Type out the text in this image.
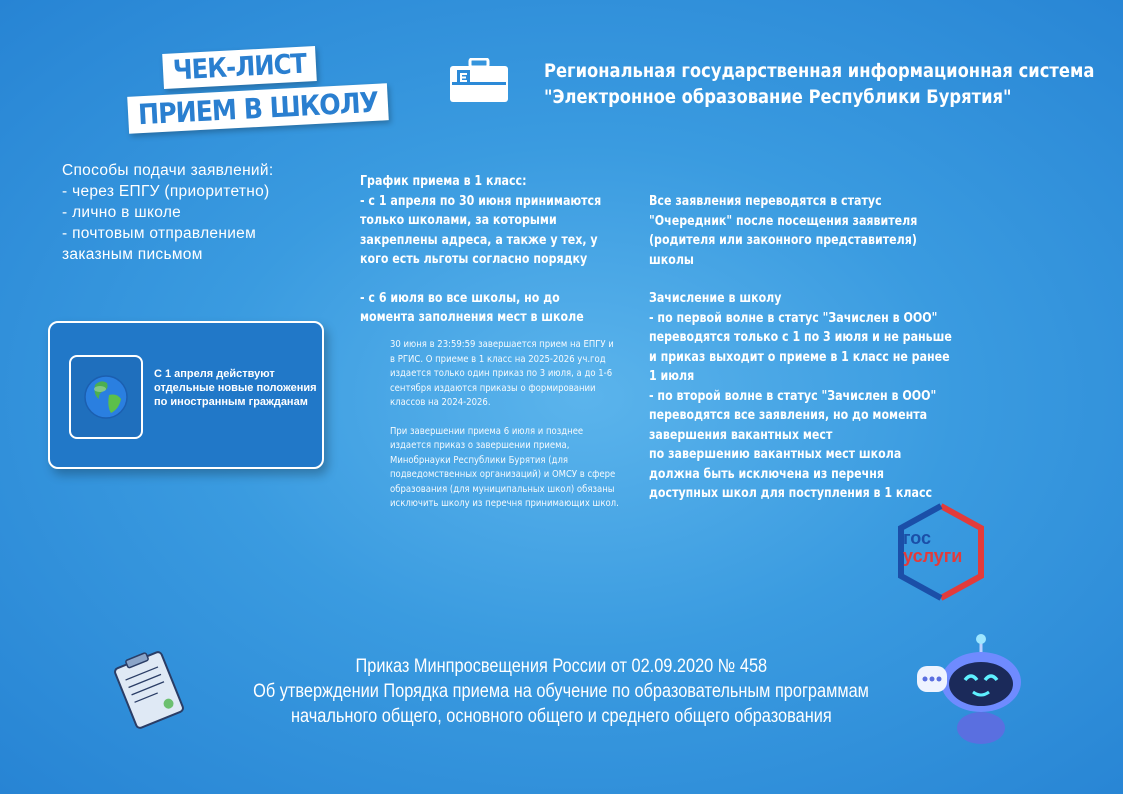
ЧЕК-ЛИСТ
ПРИЕМ В ШКОЛУ
Региональная государственная информационная система
"Электронное образование Республики Бурятия"
Способы подачи заявлений:
- через ЕПГУ (приоритетно)
- лично в школе
- почтовым отправлением
заказным письмом
С 1 апреля действуют отдельные новые положения по иностранным гражданам

График приема в 1 класс:

- с 1 апреля по 30 июня принимаются только школами, за которыми закреплены адреса, а также у тех, у кого есть льготы согласно порядку

- с 6 июля во все школы, но до момента заполнения мест в школе

30 июня в 23:59:59 завершается прием на ЕПГУ и в РГИС. О приеме в 1 класс на 2025-2026 уч.год издается только один приказ по 3 июля, а до 1-6 сентября издаются приказы о формировании классов на 2024-2026.

При завершении приема 6 июля и позднее издается приказ о завершении приема, Минобрнауки Республики Бурятия (для подведомственных организаций) и ОМСУ в сфере образования (для муниципальных школ) обязаны исключить школу из перечня принимающих школ.

Все заявления переводятся в статус "Очередник" после посещения заявителя (родителя или законного представителя) школы

Зачисление в школу

- по первой волне в статус "Зачислен в ООО" переводятся только с 1 по 3 июля и не раньше и приказ выходит о приеме в 1 класс не ранее 1 июля

- по второй волне в статус "Зачислен в ООО" переводятся все заявления, но до момента завершения вакантных мест

по завершению вакантных мест школа должна быть исключена из перечня доступных школ для поступления в 1 класс

гос
услуги
Приказ Минпросвещения России от 02.09.2020 № 458
Об утверждении Порядка приема на обучение по образовательным программам
начального общего, основного общего и среднего общего образования
